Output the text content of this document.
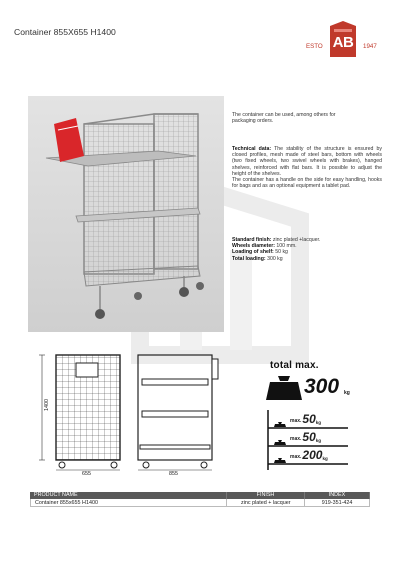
Container 855X655 H1400
ESTO AB	1947
The container can be used, among others for packaging orders.
Technical data: The stability of the structure is ensured by closed profiles, mesh made of steel bars, bottom with wheels (two fixed wheels, two swivel wheels with brakes), hanged shelves, reinforced with flat bars. It is possible to adjust the height of the shelves.
The container has a handle on the side for easy handling, hooks for bags and as an optional equipment a tablet pad.
Standard finish: zinc plated +lacquer.
Wheels diameter: 100 mm.
Loading of shelf: 50 kg
Total loading: 300 kg
1400
655	855
total max.
300 kg
max. 50 kg
max. 50 kg
max. 200 kg
PRODUCT NAME	FINISH	INDEX
Container 855x655 H1400	zinc plated + lacquer	919-351-424
